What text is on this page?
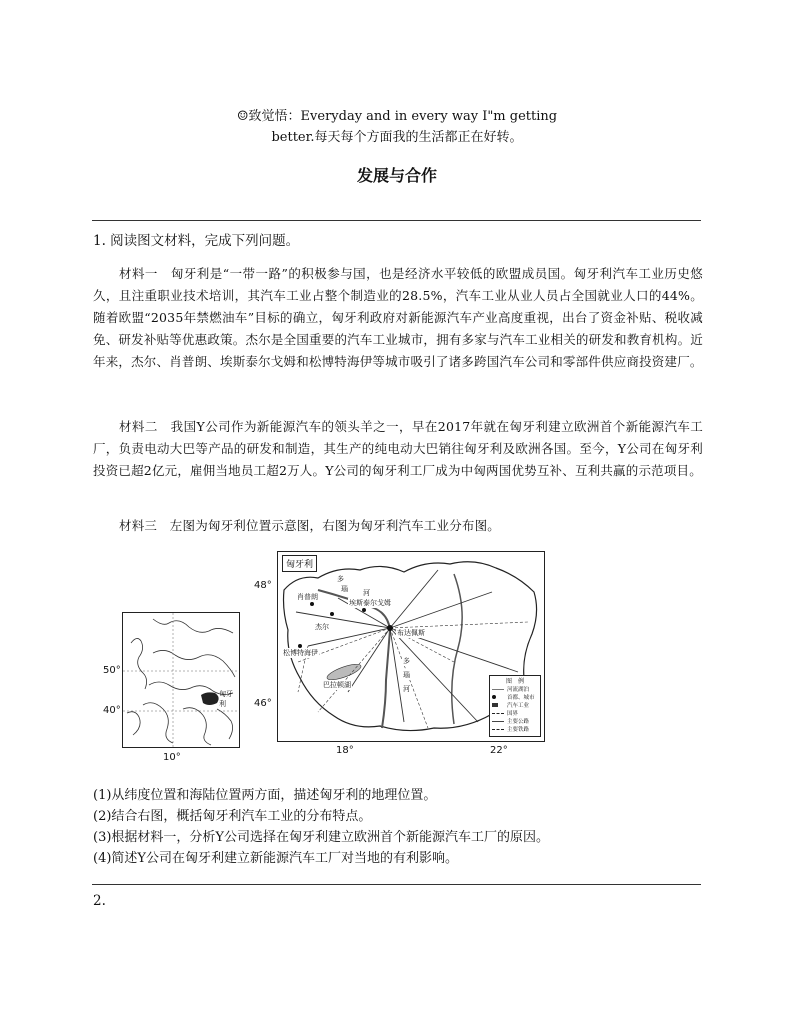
☺致觉悟：Everyday and in every way I"m getting
better.每天每个方面我的生活都正在好转。
发展与合作
1. 阅读图文材料，完成下列问题。
材料一　匈牙利是“一带一路”的积极参与国，也是经济水平较低的欧盟成员国。匈牙利汽车工业历史悠久，且注重职业技术培训，其汽车工业占整个制造业的28.5%，汽车工业从业人员占全国就业人口的44%。随着欧盟“2035年禁燃油车”目标的确立，匈牙利政府对新能源汽车产业高度重视，出台了资金补贴、税收减免、研发补贴等优惠政策。杰尔是全国重要的汽车工业城市，拥有多家与汽车工业相关的研发和教育机构。近年来，杰尔、肖普朗、埃斯泰尔戈姆和松博特海伊等城市吸引了诸多跨国汽车公司和零部件供应商投资建厂。
材料二　我国Y公司作为新能源汽车的领头羊之一，早在2017年就在匈牙利建立欧洲首个新能源汽车工厂，负责电动大巴等产品的研发和制造，其生产的纯电动大巴销往匈牙利及欧洲各国。至今，Y公司在匈牙利投资已超2亿元，雇佣当地员工超2万人。Y公司的匈牙利工厂成为中匈两国优势互补、互利共赢的示范项目。
材料三　左图为匈牙利位置示意图，右图为匈牙利汽车工业分布图。
50°
40°
10°
匈牙利
48°
46°
18°	22°
匈牙利
肖普朗
杰尔
埃斯泰尔戈姆
布达佩斯
松博特海伊
巴拉顿湖
多
瑙 河
多
瑙
河
图　例
河流湖泊
首都、城市
汽车工业
国界
主要公路
主要铁路
(1)从纬度位置和海陆位置两方面，描述匈牙利的地理位置。
(2)结合右图，概括匈牙利汽车工业的分布特点。
(3)根据材料一，分析Y公司选择在匈牙利建立欧洲首个新能源汽车工厂的原因。
(4)简述Y公司在匈牙利建立新能源汽车工厂对当地的有利影响。
2.
